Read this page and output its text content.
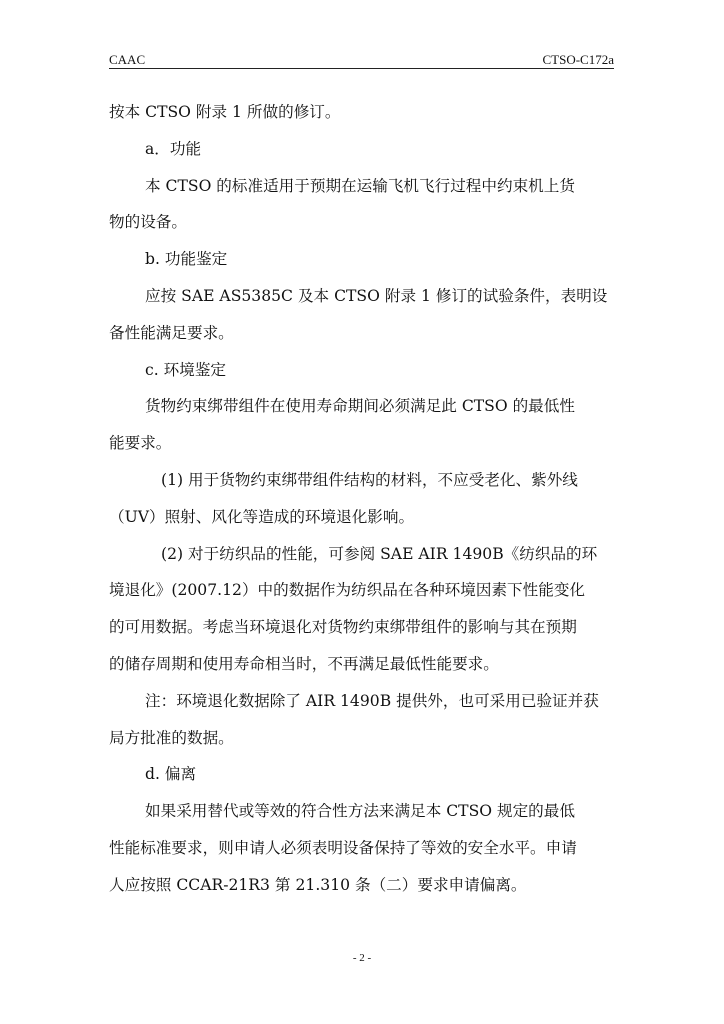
CAAC	CTSO-C172a
按本 CTSO 附录 1 所做的修订。
a．功能
本 CTSO 的标准适用于预期在运输飞机飞行过程中约束机上货
物的设备。
b. 功能鉴定
应按 SAE AS5385C 及本 CTSO 附录 1 修订的试验条件，表明设
备性能满足要求。
c. 环境鉴定
货物约束绑带组件在使用寿命期间必须满足此 CTSO 的最低性
能要求。
(1) 用于货物约束绑带组件结构的材料，不应受老化、紫外线
（UV）照射、风化等造成的环境退化影响。
(2) 对于纺织品的性能，可参阅 SAE AIR 1490B《纺织品的环
境退化》(2007.12）中的数据作为纺织品在各种环境因素下性能变化
的可用数据。考虑当环境退化对货物约束绑带组件的影响与其在预期
的储存周期和使用寿命相当时，不再满足最低性能要求。
注：环境退化数据除了 AIR 1490B 提供外，也可采用已验证并获
局方批准的数据。
d. 偏离
如果采用替代或等效的符合性方法来满足本 CTSO 规定的最低
性能标准要求，则申请人必须表明设备保持了等效的安全水平。申请
人应按照 CCAR-21R3 第 21.310 条（二）要求申请偏离。
- 2 -
